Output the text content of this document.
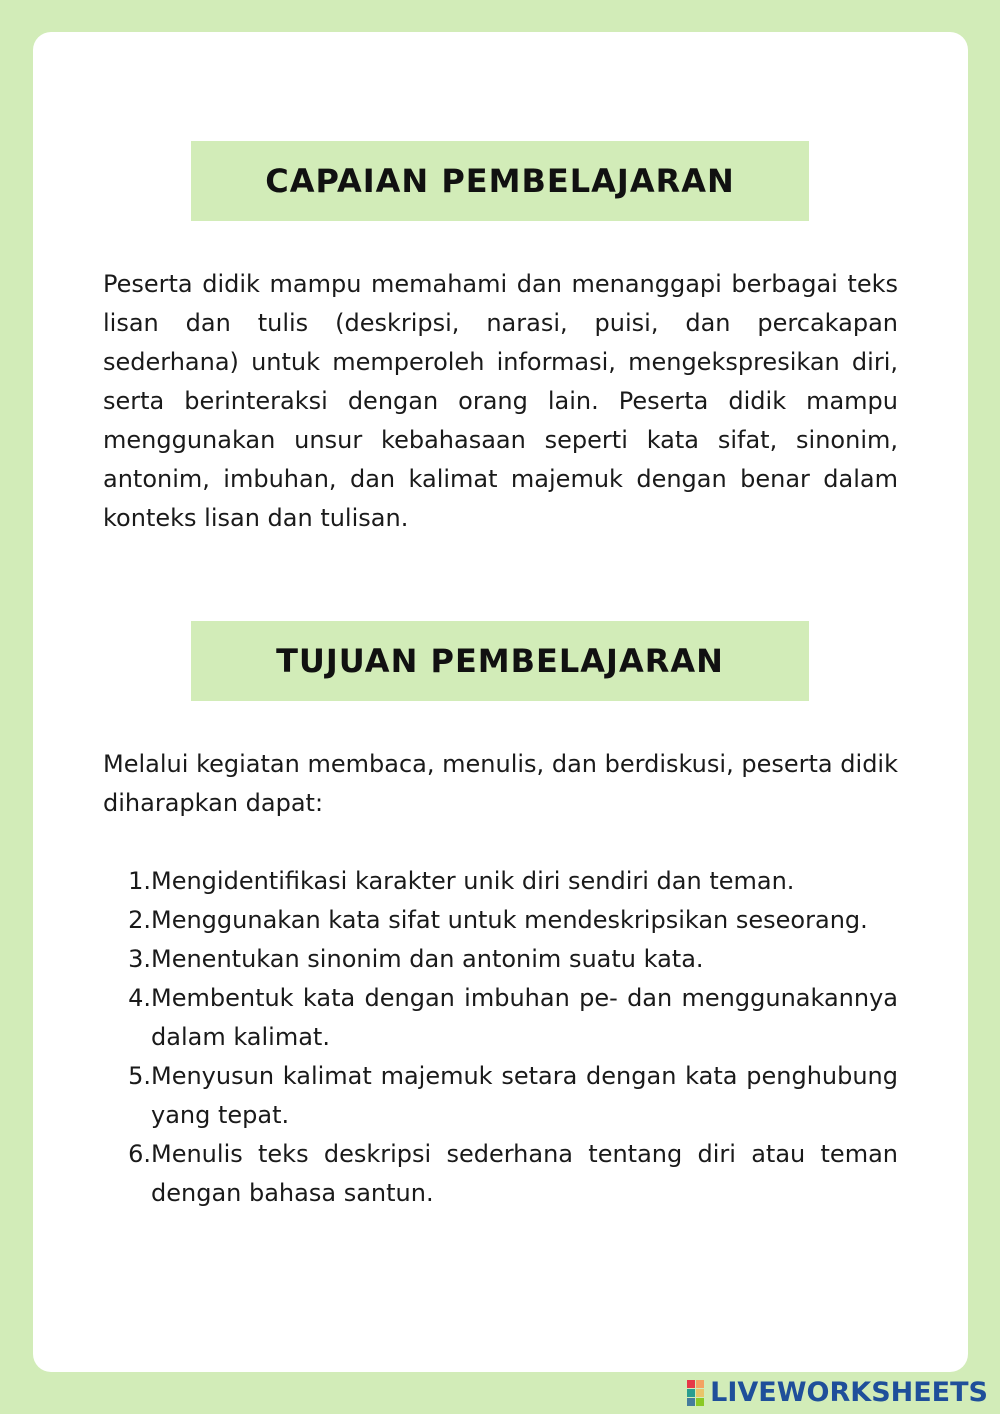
CAPAIAN PEMBELAJARAN

Peserta didik mampu memahami dan menanggapi berbagai teks lisan dan tulis (deskripsi, narasi, puisi, dan percakapan sederhana) untuk memperoleh informasi, mengekspresikan diri, serta berinteraksi dengan orang lain. Peserta didik mampu menggunakan unsur kebahasaan seperti kata sifat, sinonim, antonim, imbuhan, dan kalimat majemuk dengan benar dalam konteks lisan dan tulisan.

TUJUAN PEMBELAJARAN

Melalui kegiatan membaca, menulis, dan berdiskusi, peserta didik diharapkan dapat:

1. Mengidentifikasi karakter unik diri sendiri dan teman.
2. Menggunakan kata sifat untuk mendeskripsikan seseorang.
3. Menentukan sinonim dan antonim suatu kata.
4. Membentuk kata dengan imbuhan pe- dan menggunakannya dalam kalimat.
5. Menyusun kalimat majemuk setara dengan kata penghubung yang tepat.
6. Menulis teks deskripsi sederhana tentang diri atau teman dengan bahasa santun.
LIVEWORKSHEETS
